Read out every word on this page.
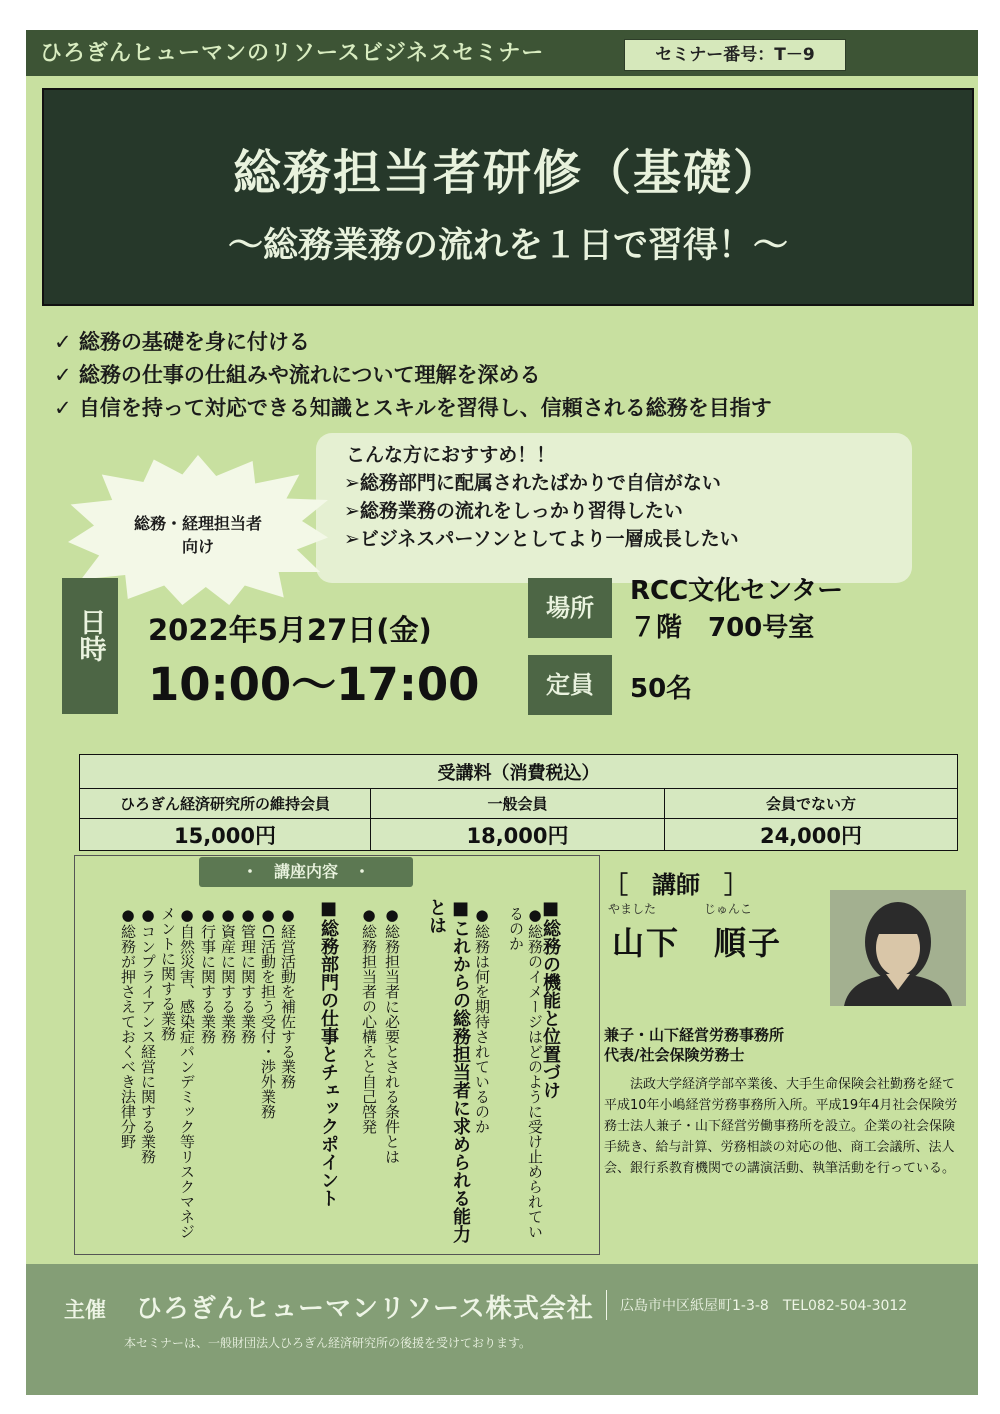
ひろぎんヒューマンのリソースビジネスセミナー	セミナー番号：T－9
総務担当者研修（基礎）
～総務業務の流れを１日で習得！～
✓ 総務の基礎を身に付ける
✓ 総務の仕事の仕組みや流れについて理解を深める
✓ 自信を持って対応できる知識とスキルを習得し、信頼される総務を目指す
総務・経理担当者
向け
こんな方におすすめ！！
➢総務部門に配属されたばかりで自信がない
➢総務業務の流れをしっかり習得したい
➢ビジネスパーソンとしてより一層成長したい
日時 2022年5月27日(金)
10:00～17:00
場所
RCC文化センター
７階　700号室
定員	50名
受講料（消費税込）		
ひろぎん経済研究所の維持会員	一般会員	会員でない方
15,000円	18,000円	24,000円
・　講座内容　・
■総務の機能と位置づけ
●総務のイメージはどのように受け止められているのか
●総務は何を期待されているのか
■これからの総務担当者に求められる能力とは
●総務担当者に必要とされる条件とは
●総務担当者の心構えと自己啓発
■総務部門の仕事とチェックポイント
●経営活動を補佐する業務
●CI活動を担う受付・渉外業務
●管理に関する業務
●資産に関する業務
●行事に関する業務
●自然災害、感染症パンデミック等リスクマネジメントに関する業務
●コンプライアンス経営に関する業務
●総務が押さえておくべき法律分野
［　講師　］
やました　　　　	じゅんこ
山下　順子
兼子・山下経営労務事務所
代表/社会保険労務士
法政大学経済学部卒業後、大手生命保険会社勤務を経て平成10年小嶋経営労務事務所入所。平成19年4月社会保険労務士法人兼子・山下経営労働事務所を設立。企業の社会保険手続き、給与計算、労務相談の対応の他、商工会議所、法人会、銀行系教育機関での講演活動、執筆活動を行っている。
主催 ひろぎんヒューマンリソース株式会社 広島市中区紙屋町1-3-8　TEL082-504-3012
本セミナーは、一般財団法人ひろぎん経済研究所の後援を受けております。
